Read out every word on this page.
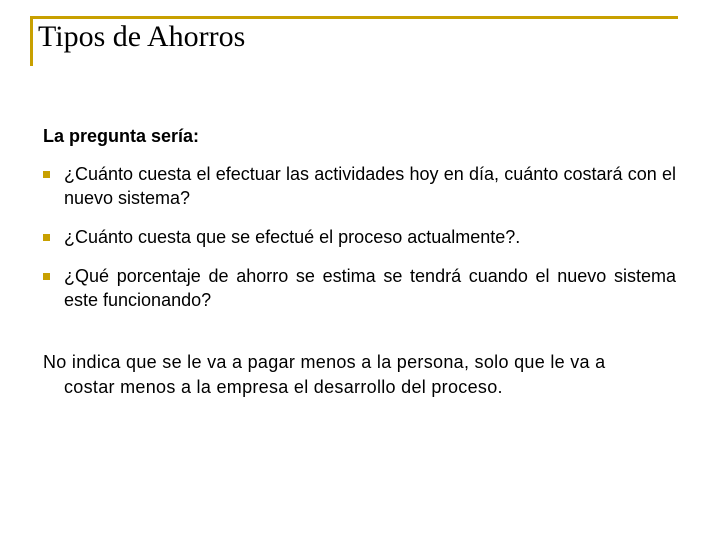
Tipos de Ahorros

La pregunta sería:

¿Cuánto cuesta el efectuar las actividades hoy en día, cuánto costará con el nuevo sistema?
¿Cuánto cuesta que se efectué el proceso actualmente?.
¿Qué porcentaje de ahorro se estima se tendrá cuando el nuevo sistema este funcionando?
No indica que se le va a pagar menos a la persona, solo que le va a
costar menos a la empresa el desarrollo del proceso.
